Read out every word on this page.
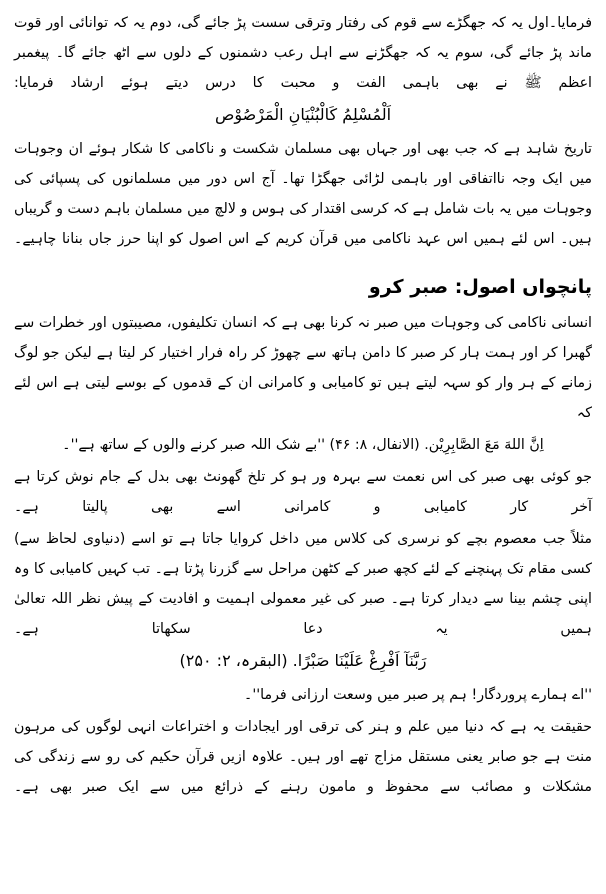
فرمایا۔اول یہ کہ جھگڑے سے قوم کی رفتار وترقی سست پڑ جائے گی، دوم یہ کہ توانائی اور قوت ماند پڑ جائے گی، سوم یہ کہ جھگڑنے سے اہل رعب دشمنوں کے دلوں سے اٹھ جائے گا۔ پیغمبر اعظم ﷺ نے بھی باہمی الفت و محبت کا درس دیتے ہوئے ارشاد فرمایا:

اَلْمُسْلِمُ کَالْبُنْیَانِ الْمَرْصُوْص

تاریخ شاہد ہے کہ جب بھی اور جہاں بھی مسلمان شکست و ناکامی کا شکار ہوئے ان وجوہات میں ایک وجہ نااتفاقی اور باہمی لڑائی جھگڑا تھا۔ آج اس دور میں مسلمانوں کی پسپائی کی وجوہات میں یہ بات شامل ہے کہ کرسی اقتدار کی ہوس و لالچ میں مسلمان باہم دست و گریباں ہیں۔ اس لئے ہمیں اس عہد ناکامی میں قرآن کریم کے اس اصول کو اپنا حرز جاں بنانا چاہیے۔

پانچواں اصول: صبر کرو

انسانی ناکامی کی وجوہات میں صبر نہ کرنا بھی ہے کہ انسان تکلیفوں، مصیبتوں اور خطرات سے گھبرا کر اور ہمت ہار کر صبر کا دامن ہاتھ سے چھوڑ کر راہ فرار اختیار کر لیتا ہے لیکن جو لوگ زمانے کے ہر وار کو سہہ لیتے ہیں تو کامیابی و کامرانی ان کے قدموں کے بوسے لیتی ہے اس لئے کہ

اِنَّ اللهَ مَعَ الصَّابِرِیْن. (الانفال، ۸: ۴۶) ''بے شک اللہ صبر کرنے والوں کے ساتھ ہے''۔

جو کوئی بھی صبر کی اس نعمت سے بہرہ ور ہو کر تلخ گھونٹ بھی بدل کے جام نوش کرتا ہے آخر کار کامیابی و کامرانی اسے بھی پالیتا ہے۔

مثلاً جب معصوم بچے کو نرسری کی کلاس میں داخل کروایا جاتا ہے تو اسے (دنیاوی لحاظ سے) کسی مقام تک پہنچنے کے لئے کچھ صبر کے کٹھن مراحل سے گزرنا پڑتا ہے۔ تب کہیں کامیابی کا وہ اپنی چشم بینا سے دیدار کرتا ہے۔ صبر کی غیر معمولی اہمیت و افادیت کے پیش نظر اللہ تعالیٰ ہمیں یہ دعا سکھاتا ہے۔

رَبَّنَآ اَفْرِغْ عَلَیْنَا صَبْرًا. (البقرہ، ۲: ۲۵۰)

''اے ہمارے پروردگار! ہم پر صبر میں وسعت ارزانی فرما''۔

حقیقت یہ ہے کہ دنیا میں علم و ہنر کی ترقی اور ایجادات و اختراعات انہی لوگوں کی مرہون منت ہے جو صابر یعنی مستقل مزاج تھے اور ہیں۔ علاوہ ازیں قرآن حکیم کی رو سے زندگی کی مشکلات و مصائب سے محفوظ و مامون رہنے کے ذرائع میں سے ایک صبر بھی ہے۔
